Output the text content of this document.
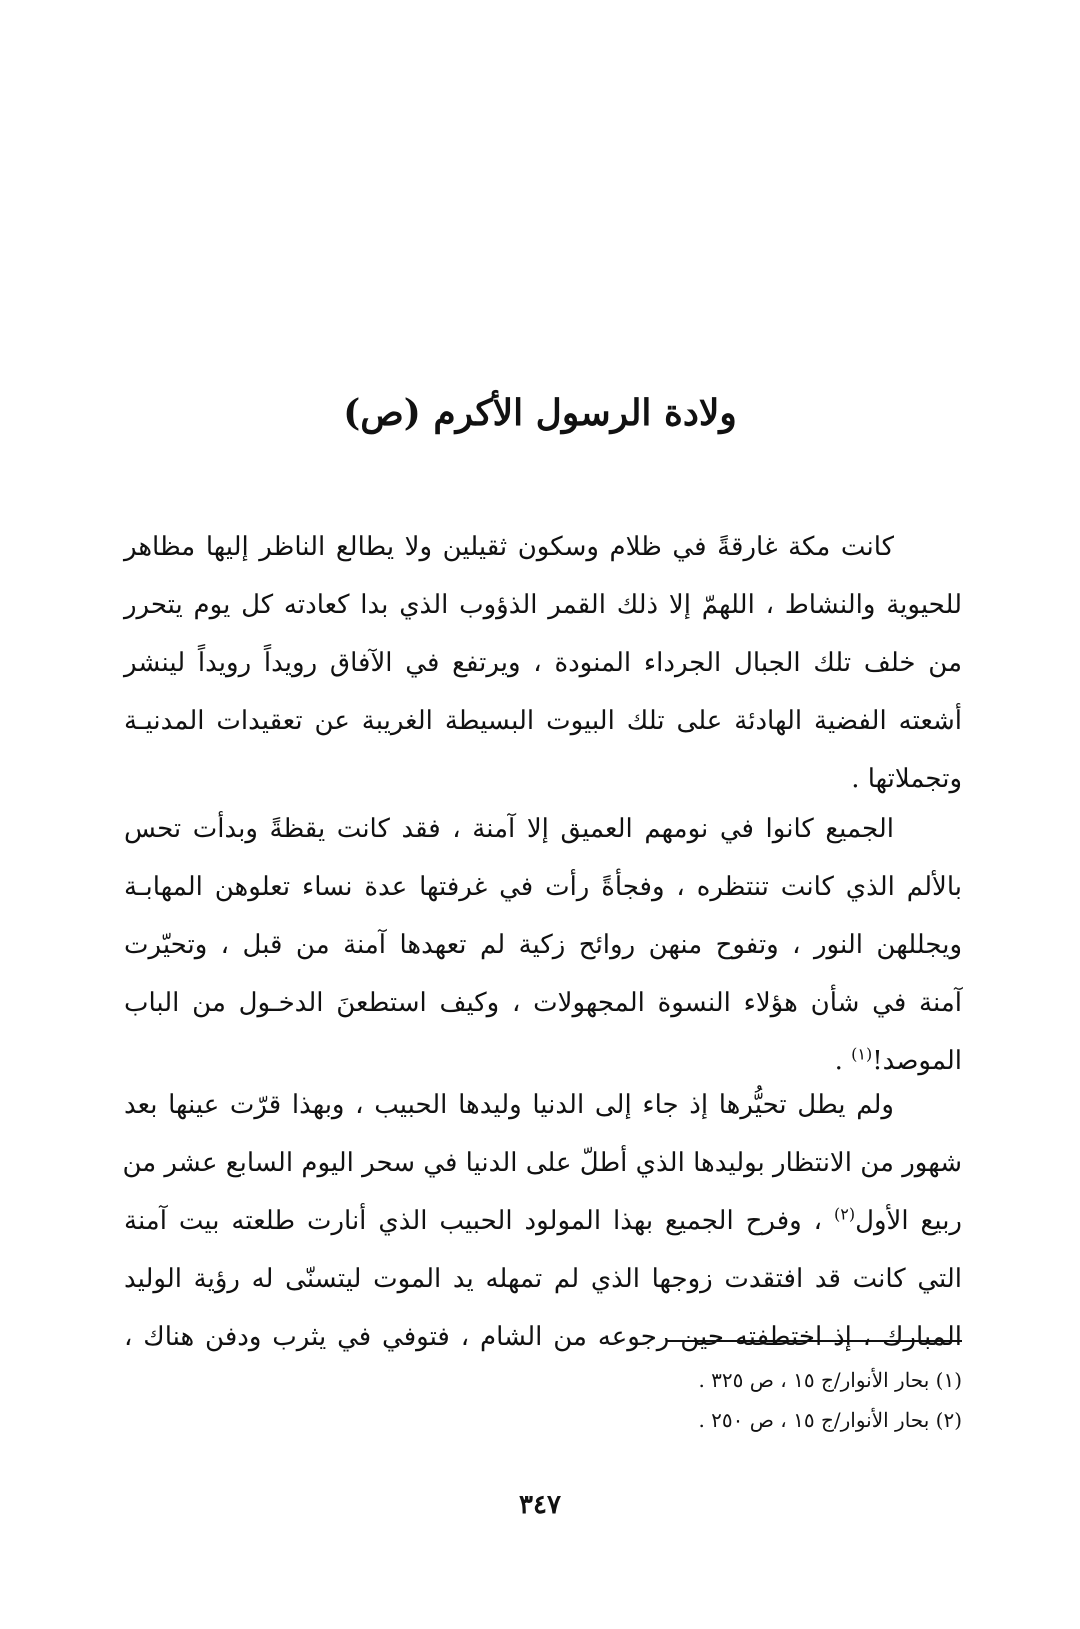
ولادة الرسول الأكرم (ص)

كانت مكة غارقةً في ظلام وسكون ثقيلين ولا يطالع الناظر إليها مظاهر
للحيوية والنشاط ، اللهمّ إلا ذلك القمر الذؤوب الذي بدا كعادته كل يوم يتحرر
من خلف تلك الجبال الجرداء المنودة ، ويرتفع في الآفاق رويداً رويداً لينشر
أشعته الفضية الهادئة على تلك البيوت البسيطة الغريبة عن تعقيدات المدنيـة
وتجملاتها .

الجميع كانوا في نومهم العميق إلا آمنة ، فقد كانت يقظةً وبدأت تحس
بالألم الذي كانت تنتظره ، وفجأةً رأت في غرفتها عدة نساء تعلوهن المهابـة
ويجللهن النور ، وتفوح منهن روائح زكية لم تعهدها آمنة من قبل ، وتحيّرت
آمنة في شأن هؤلاء النسوة المجهولات ، وكيف استطعنَ الدخـول من الباب
الموصد!$^{(١)}$ .

ولم يطل تحيُّرها إذ جاء إلى الدنيا وليدها الحبيب ، وبهذا قرّت عينها بعد
شهور من الانتظار بوليدها الذي أطلّ على الدنيا في سحر اليوم السابع عشر من
ربيع الأول$^{(٢)}$ ، وفرح الجميع بهذا المولود الحبيب الذي أنارت طلعته بيت آمنة
التي كانت قد افتقدت زوجها الذي لم تمهله يد الموت ليتسنّى له رؤية الوليد
المبارك ، إذ اختطفته حين رجوعه من الشام ، فتوفي في يثرب ودفن هناك ،

(١) بحار الأنوار/ج ١٥ ، ص ٣٢٥ .
(٢) بحار الأنوار/ج ١٥ ، ص ٢٥٠ .
٣٤٧
